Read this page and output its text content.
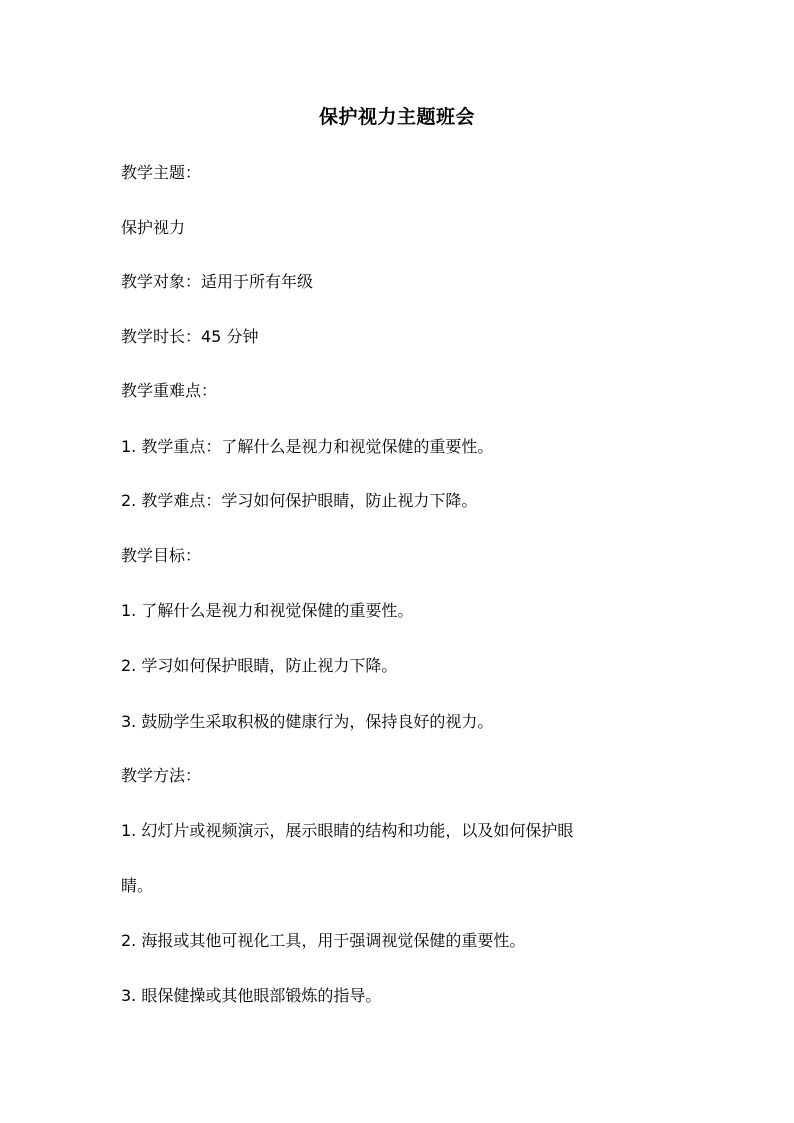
保护视力主题班会
教学主题：
保护视力
教学对象：适用于所有年级
教学时长：45 分钟
教学重难点：
1. 教学重点：了解什么是视力和视觉保健的重要性。
2. 教学难点：学习如何保护眼睛，防止视力下降。
教学目标：
1. 了解什么是视力和视觉保健的重要性。
2. 学习如何保护眼睛，防止视力下降。
3. 鼓励学生采取积极的健康行为，保持良好的视力。
教学方法：
1. 幻灯片或视频演示，展示眼睛的结构和功能，以及如何保护眼
睛。
2. 海报或其他可视化工具，用于强调视觉保健的重要性。
3. 眼保健操或其他眼部锻炼的指导。
